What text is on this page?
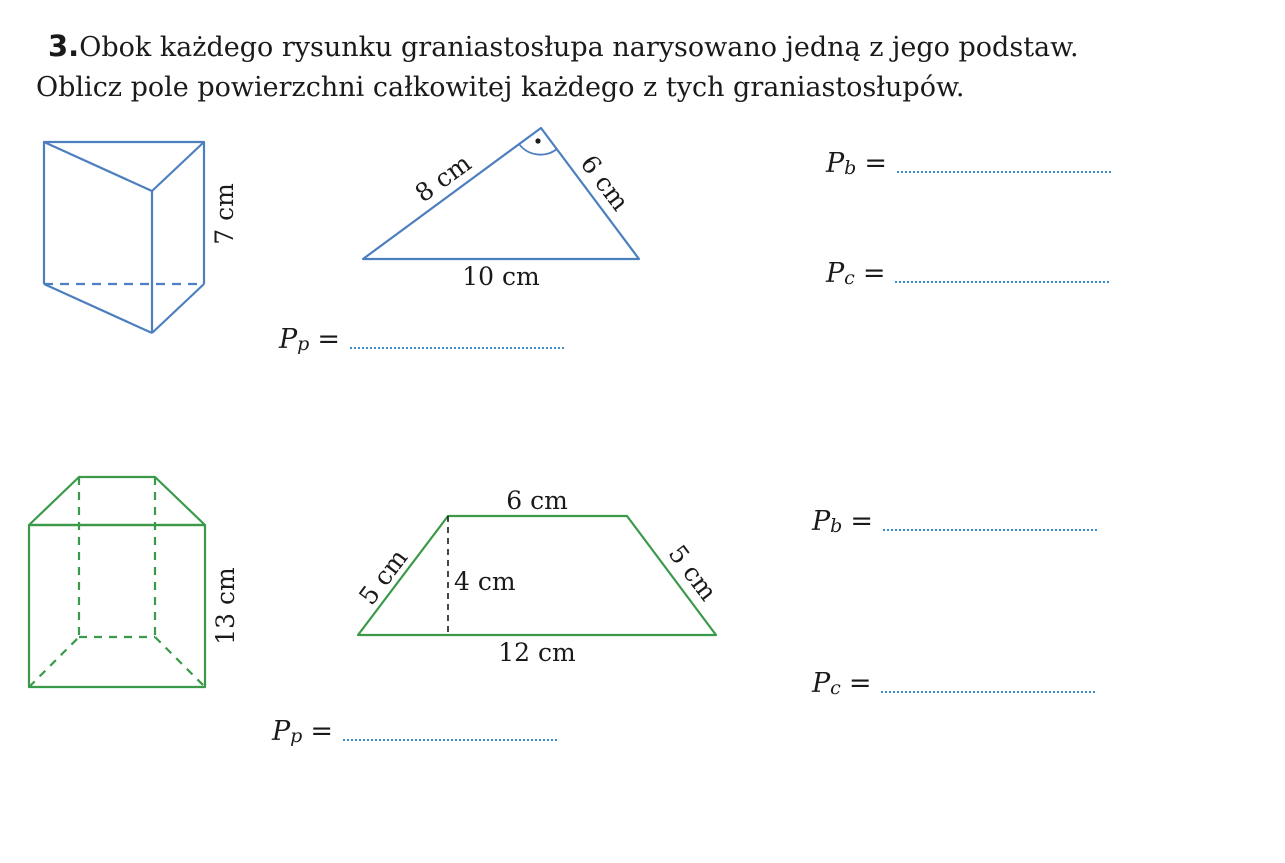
3.Obok każdego rysunku graniastosłupa narysowano jedną z jego podstaw.
Oblicz pole powierzchni całkowitej każdego z tych graniastosłupów.
7 cm
8 cm	6 cm
10 cm
13 cm
6 cm
5 cm	5 cm
4 cm
12 cm
P b =
P c =
P p =
P b =
P c =
P p =
